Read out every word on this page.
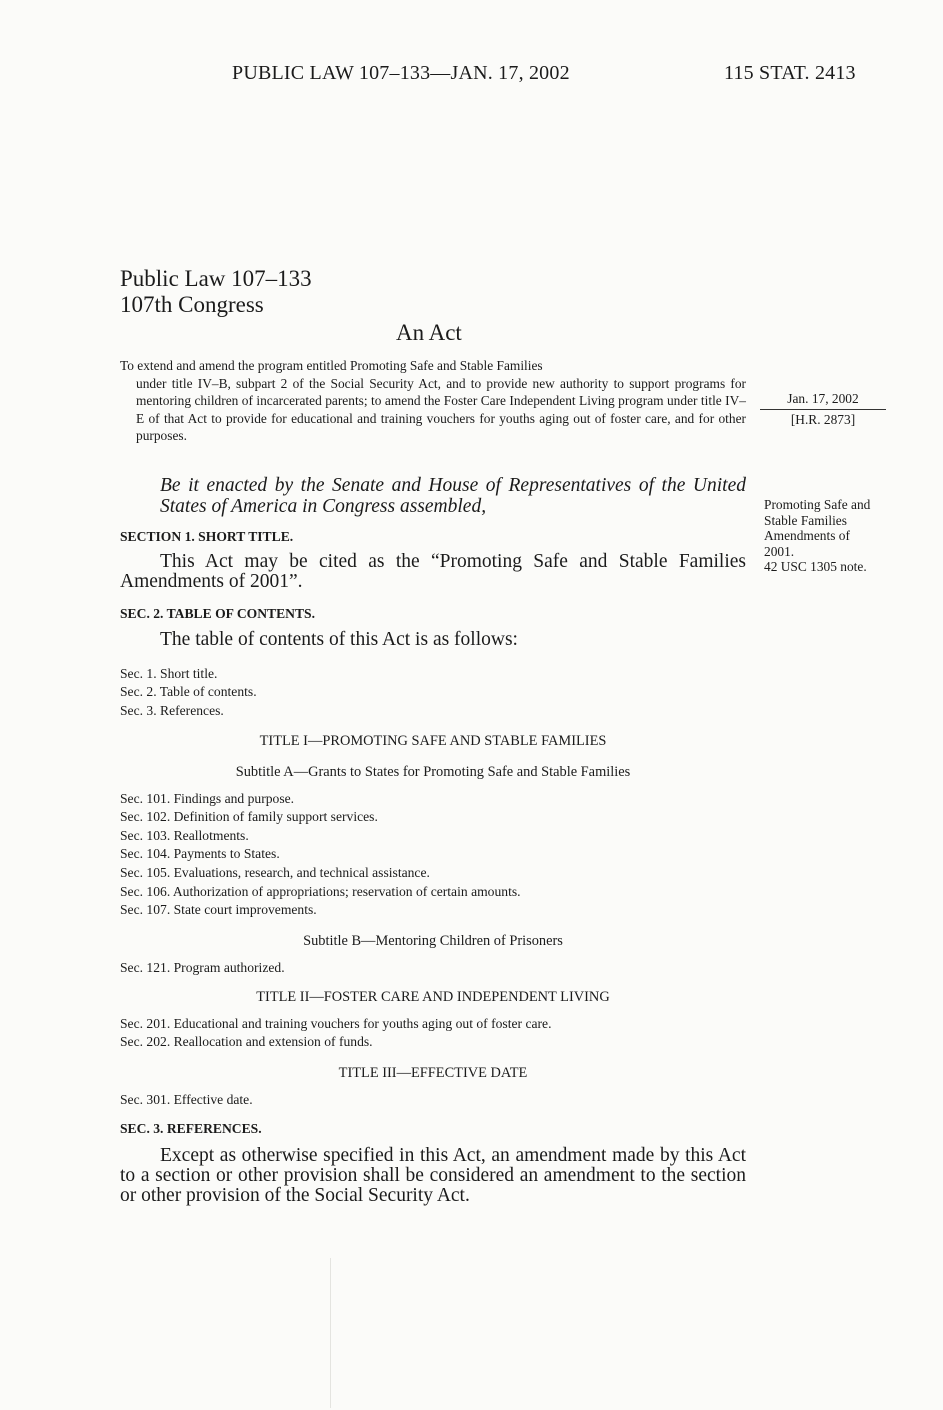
PUBLIC LAW 107–133—JAN. 17, 2002	115 STAT. 2413
Public Law 107–133
107th Congress
An Act

To extend and amend the program entitled Promoting Safe and Stable Families

under title IV–B, subpart 2 of the Social Security Act, and to provide new authority to support programs for mentoring children of incarcerated parents; to amend the Foster Care Independent Living program under title IV–E of that Act to provide for educational and training vouchers for youths aging out of foster care, and for other purposes.

Jan. 17, 2002
[H.R. 2873]
Be it enacted by the Senate and House of Representatives of the United States of America in Congress assembled,	Promoting Safe and Stable Families Amendments of 2001.
42 USC 1305 note.
SECTION 1. SHORT TITLE.
This Act may be cited as the “Promoting Safe and Stable Families Amendments of 2001”.
SEC. 2. TABLE OF CONTENTS.
The table of contents of this Act is as follows:
Sec. 1. Short title.
Sec. 2. Table of contents.
Sec. 3. References.
TITLE I—PROMOTING SAFE AND STABLE FAMILIES
Subtitle A—Grants to States for Promoting Safe and Stable Families
Sec. 101. Findings and purpose.
Sec. 102. Definition of family support services.
Sec. 103. Reallotments.
Sec. 104. Payments to States.
Sec. 105. Evaluations, research, and technical assistance.
Sec. 106. Authorization of appropriations; reservation of certain amounts.
Sec. 107. State court improvements.
Subtitle B—Mentoring Children of Prisoners
Sec. 121. Program authorized.
TITLE II—FOSTER CARE AND INDEPENDENT LIVING
Sec. 201. Educational and training vouchers for youths aging out of foster care.
Sec. 202. Reallocation and extension of funds.
TITLE III—EFFECTIVE DATE
Sec. 301. Effective date.
SEC. 3. REFERENCES.
Except as otherwise specified in this Act, an amendment made by this Act to a section or other provision shall be considered an amendment to the section or other provision of the Social Security Act.
